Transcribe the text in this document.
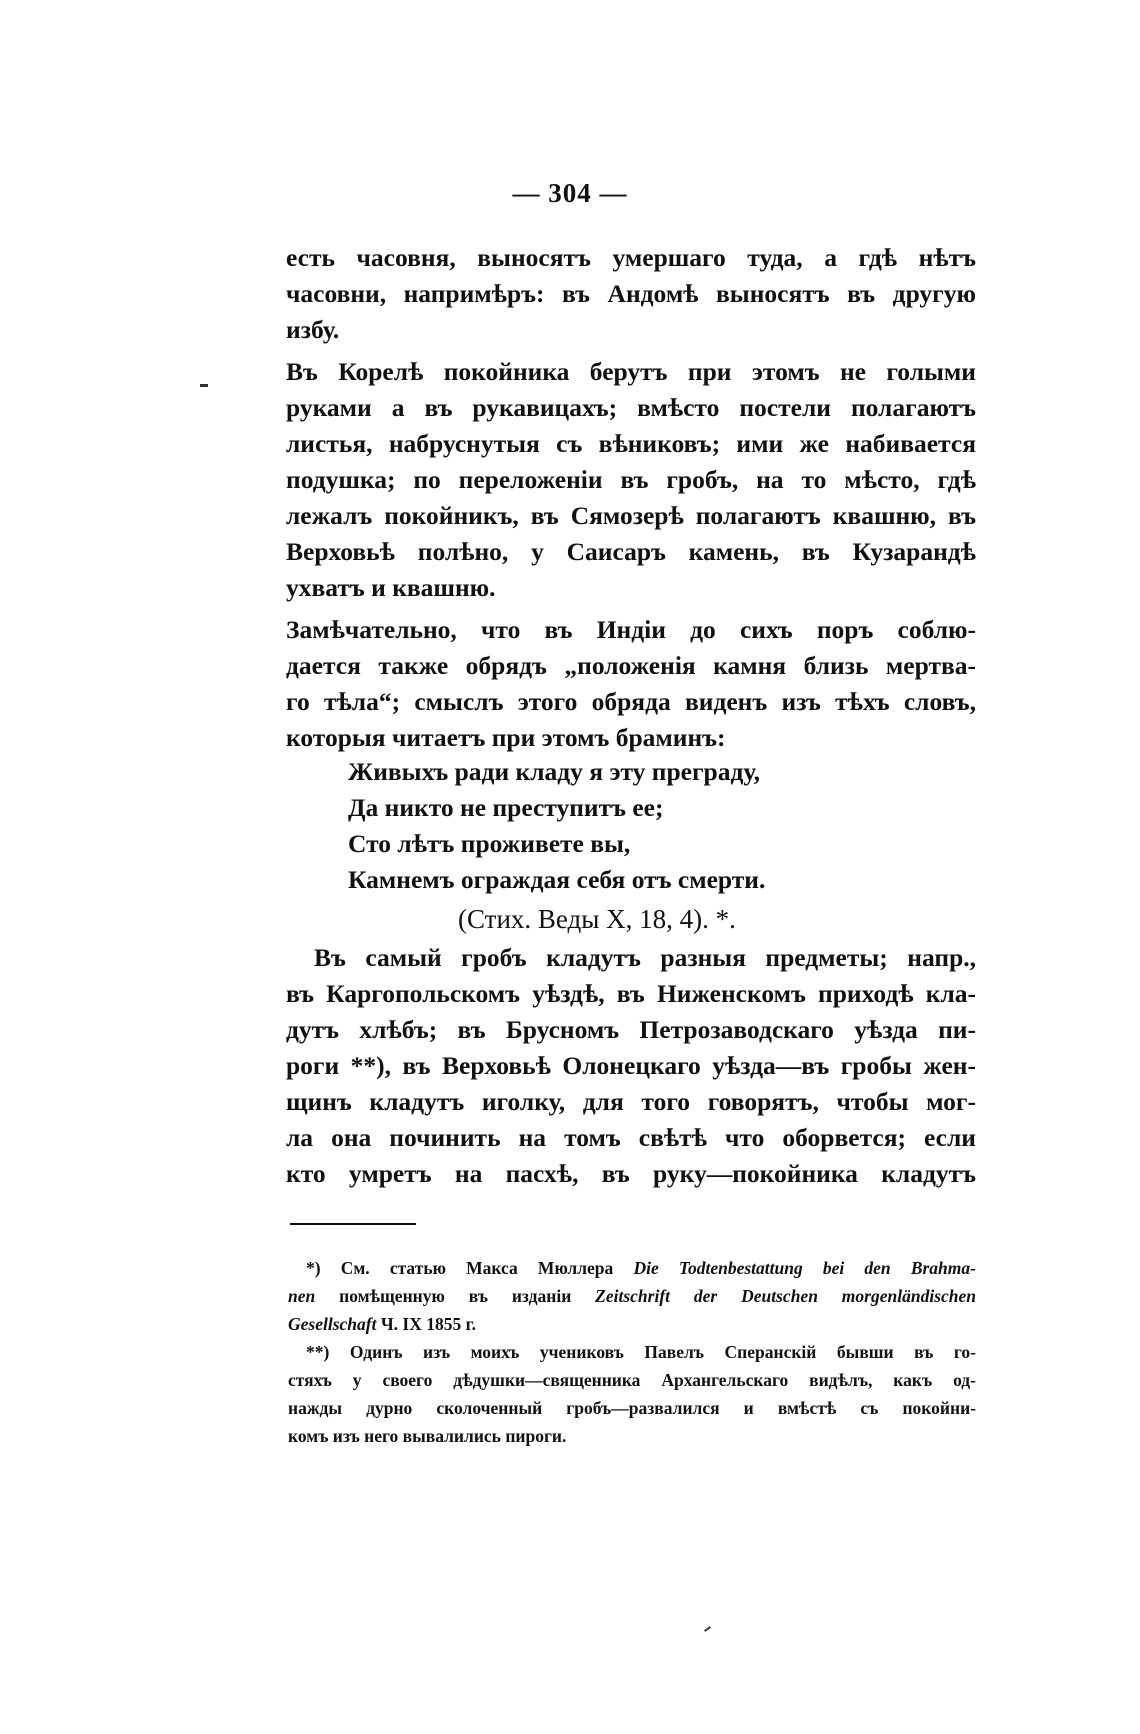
— 304 —
есть часовня, выносятъ умершаго туда, а гдѣ нѣтъ
часовни, напримѣръ: въ Андомѣ выносятъ въ другую
избу.
Въ Корелѣ покойника берутъ при этомъ не голыми
руками а въ рукавицахъ; вмѣсто постели полагаютъ
листья, набруснутыя съ вѣниковъ; ими же набивается
подушка; по переложеніи въ гробъ, на то мѣсто, гдѣ
лежалъ покойникъ, въ Сямозерѣ полагаютъ квашню, въ
Верховьѣ полѣно, у Саисаръ камень, въ Кузарандѣ
ухватъ и квашню.
Замѣчательно, что въ Индіи до сихъ поръ соблю-
дается также обрядъ „положенія камня близь мертва-
го тѣла“; смыслъ этого обряда виденъ изъ тѣхъ словъ,
которыя читаетъ при этомъ браминъ:
Живыхъ ради кладу я эту преграду,
Да никто не преступитъ ее;
Сто лѣтъ проживете вы,
Камнемъ ограждая себя отъ смерти.
(Стих. Веды X, 18, 4). *.
Въ самый гробъ кладутъ разныя предметы; напр.,
въ Каргопольскомъ уѣздѣ, въ Ниженскомъ приходѣ кла-
дутъ хлѣбъ; въ Брусномъ Петрозаводскаго уѣзда пи-
роги **), въ Верховьѣ Олонецкаго уѣзда—въ гробы жен-
щинъ кладутъ иголку, для того говорятъ, чтобы мог-
ла она починить на томъ свѣтѣ что оборвется; если
кто умретъ на пасхѣ, въ руку—покойника кладутъ
*) См. статью Макса Мюллера Die Todtenbestattung bei den Brahma-
nen помѣщенную въ изданіи Zeitschrift der Deutschen morgenländischen
Gesellschaft Ч. IX 1855 г.
**) Одинъ изъ моихъ учениковъ Павелъ Сперанскій бывши въ го-
стяхъ у своего дѣдушки—священника Архангельскаго видѣлъ, какъ од-
нажды дурно сколоченный гробъ—развалился и вмѣстѣ съ покойни-
комъ изъ него вывалились пироги.
